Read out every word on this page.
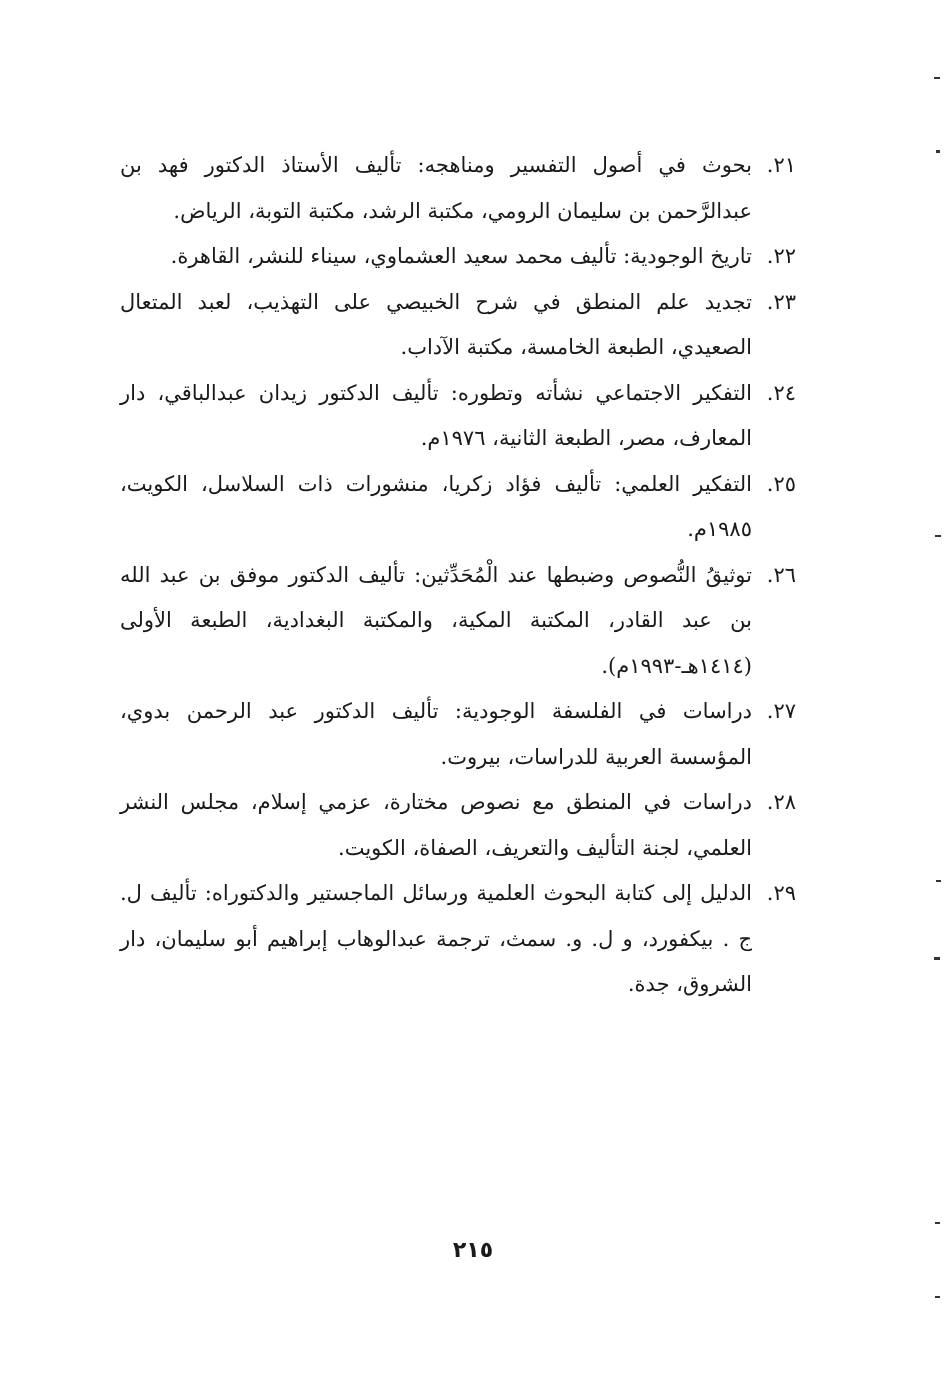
٢١.
بحوث في أصول التفسير ومناهجه: تأليف الأستاذ الدكتور فهد بن عبدالرَّحمن بن سليمان الرومي، مكتبة الرشد، مكتبة التوبة، الرياض.
٢٢.
تاريخ الوجودية: تأليف محمد سعيد العشماوي، سيناء للنشر، القاهرة.
٢٣.
تجديد علم المنطق في شرح الخبيصي على التهذيب، لعبد المتعال الصعيدي، الطبعة الخامسة، مكتبة الآداب.
٢٤.
التفكير الاجتماعي نشأته وتطوره: تأليف الدكتور زيدان عبدالباقي، دار المعارف، مصر، الطبعة الثانية، ١٩٧٦م.
٢٥.
التفكير العلمي: تأليف فؤاد زكريا، منشورات ذات السلاسل، الكويت، ١٩٨٥م.
٢٦.
توثيقُ النُّصوص وضبطها عند الْمُحَدِّثين: تأليف الدكتور موفق بن عبد الله بن عبد القادر، المكتبة المكية، والمكتبة البغدادية، الطبعة الأولى (١٤١٤هـ-١٩٩٣م).
٢٧.
دراسات في الفلسفة الوجودية: تأليف الدكتور عبد الرحمن بدوي، المؤسسة العربية للدراسات، بيروت.
٢٨.
دراسات في المنطق مع نصوص مختارة، عزمي إسلام، مجلس النشر العلمي، لجنة التأليف والتعريف، الصفاة، الكويت.
٢٩.
الدليل إلى كتابة البحوث العلمية ورسائل الماجستير والدكتوراه: تأليف ل. ج . بيكفورد، و ل. و. سمث، ترجمة عبدالوهاب إبراهيم أبو سليمان، دار الشروق، جدة.
٢١٥
